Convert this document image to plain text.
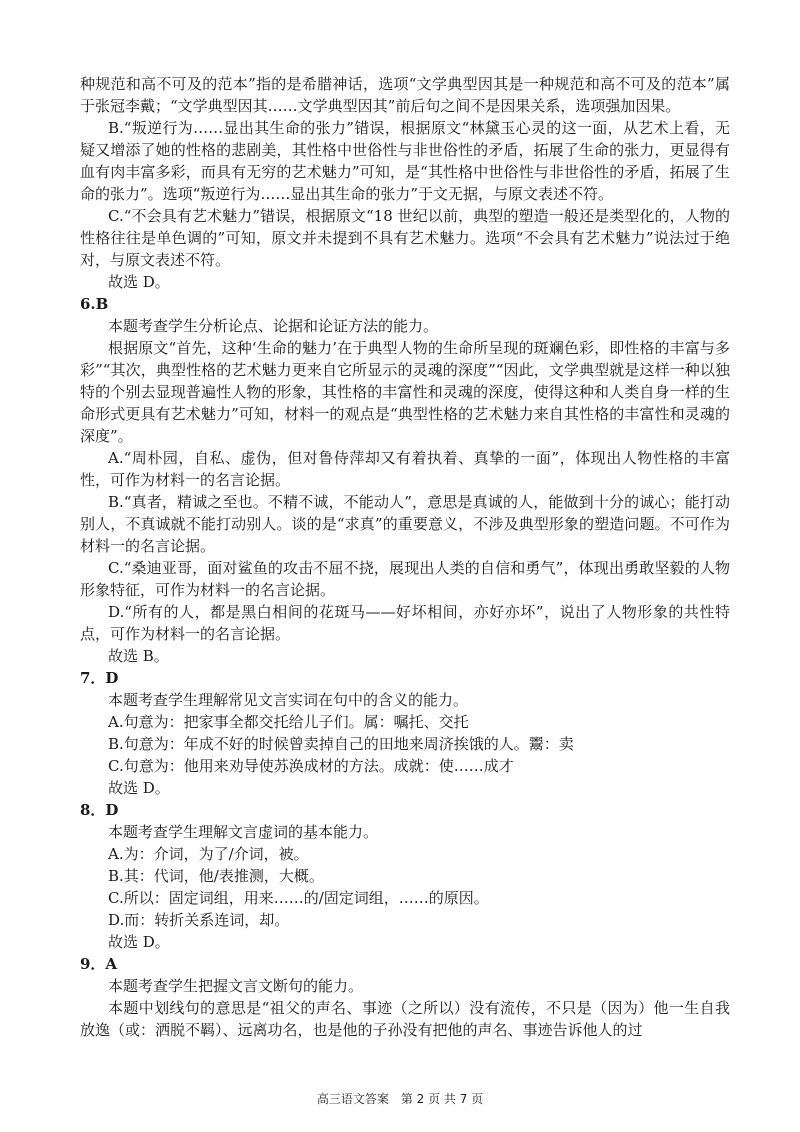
种规范和高不可及的范本”指的是希腊神话，选项“文学典型因其是一种规范和高不可及的范本”属于张冠李戴；“文学典型因其……文学典型因其”前后句之间不是因果关系，选项强加因果。

B.“叛逆行为……显出其生命的张力”错误，根据原文“林黛玉心灵的这一面，从艺术上看，无疑又增添了她的性格的悲剧美，其性格中世俗性与非世俗性的矛盾，拓展了生命的张力，更显得有血有肉丰富多彩，而具有无穷的艺术魅力”可知，是“其性格中世俗性与非世俗性的矛盾，拓展了生命的张力”。选项“叛逆行为……显出其生命的张力”于文无据，与原文表述不符。

C.“不会具有艺术魅力”错误，根据原文“18 世纪以前，典型的塑造一般还是类型化的，人物的性格往往是单色调的”可知，原文并未提到不具有艺术魅力。选项“不会具有艺术魅力”说法过于绝对，与原文表述不符。

故选 D。

6.B

本题考查学生分析论点、论据和论证方法的能力。

根据原文“首先，这种‘生命的魅力’在于典型人物的生命所呈现的斑斓色彩，即性格的丰富与多彩”“其次，典型性格的艺术魅力更来自它所显示的灵魂的深度”“因此，文学典型就是这样一种以独特的个别去显现普遍性人物的形象，其性格的丰富性和灵魂的深度，使得这种和人类自身一样的生命形式更具有艺术魅力”可知，材料一的观点是“典型性格的艺术魅力来自其性格的丰富性和灵魂的深度”。

A.“周朴园，自私、虚伪，但对鲁侍萍却又有着执着、真挚的一面”，体现出人物性格的丰富性，可作为材料一的名言论据。

B.“真者，精诚之至也。不精不诚，不能动人”，意思是真诚的人，能做到十分的诚心；能打动别人，不真诚就不能打动别人。谈的是“求真”的重要意义，不涉及典型形象的塑造问题。不可作为材料一的名言论据。

C.“桑迪亚哥，面对鲨鱼的攻击不屈不挠，展现出人类的自信和勇气”，体现出勇敢坚毅的人物形象特征，可作为材料一的名言论据。

D.“所有的人，都是黑白相间的花斑马——好坏相间，亦好亦坏”，说出了人物形象的共性特点，可作为材料一的名言论据。

故选 B。

7．D

本题考查学生理解常见文言实词在句中的含义的能力。

A.句意为：把家事全都交托给儿子们。属：嘱托、交托

B.句意为：年成不好的时候曾卖掉自己的田地来周济挨饿的人。鬻：卖

C.句意为：他用来劝导使苏涣成材的方法。成就：使……成才

故选 D。

8．D

本题考查学生理解文言虚词的基本能力。

A.为：介词，为了/介词，被。

B.其：代词，他/表推测，大概。

C.所以：固定词组，用来……的/固定词组，……的原因。

D.而：转折关系连词，却。

故选 D。

9．A

本题考查学生把握文言文断句的能力。

本题中划线句的意思是“祖父的声名、事迹（之所以）没有流传，不只是（因为）他一生自我放逸（或：洒脱不羁）、远离功名，也是他的子孙没有把他的声名、事迹告诉他人的过

高三语文答案　第 2 页 共 7 页
